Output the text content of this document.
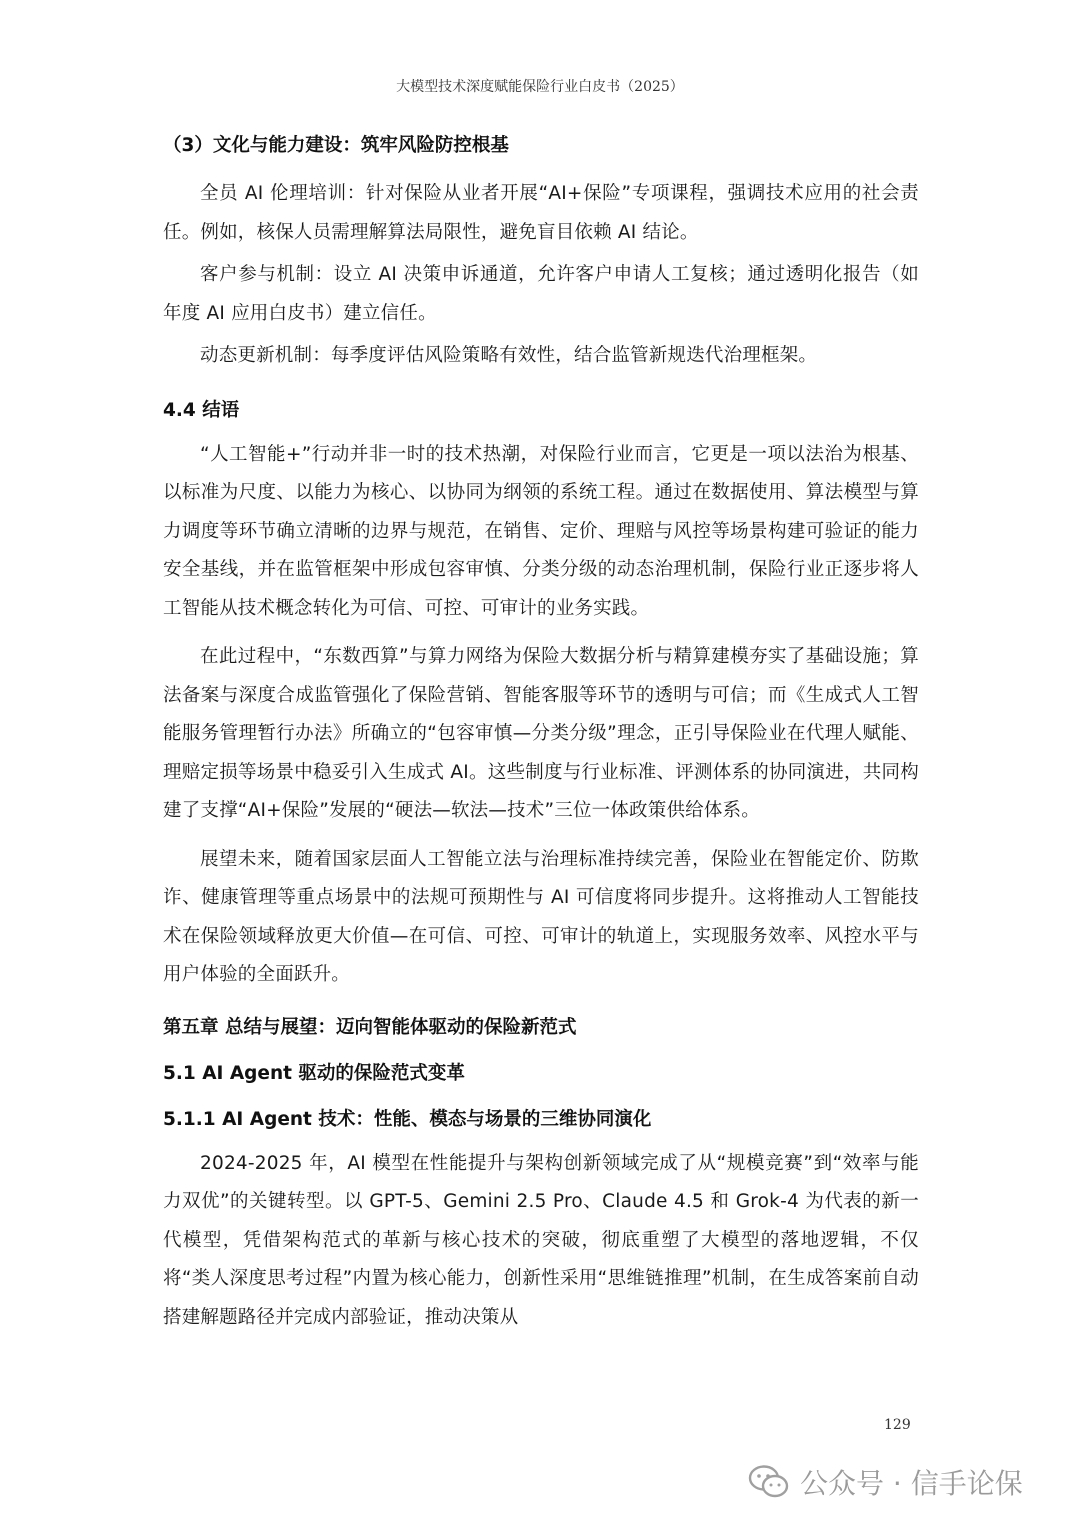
大模型技术深度赋能保险行业白皮书（2025）
（3）文化与能力建设：筑牢风险防控根基

全员 AI 伦理培训：针对保险从业者开展“AI+保险”专项课程，强调技术应用的社会责任。例如，核保人员需理解算法局限性，避免盲目依赖 AI 结论。

客户参与机制：设立 AI 决策申诉通道，允许客户申请人工复核；通过透明化报告（如年度 AI 应用白皮书）建立信任。

动态更新机制：每季度评估风险策略有效性，结合监管新规迭代治理框架。

4.4 结语

“人工智能+”行动并非一时的技术热潮，对保险行业而言，它更是一项以法治为根基、以标准为尺度、以能力为核心、以协同为纲领的系统工程。通过在数据使用、算法模型与算力调度等环节确立清晰的边界与规范，在销售、定价、理赔与风控等场景构建可验证的能力安全基线，并在监管框架中形成包容审慎、分类分级的动态治理机制，保险行业正逐步将人工智能从技术概念转化为可信、可控、可审计的业务实践。

在此过程中，“东数西算”与算力网络为保险大数据分析与精算建模夯实了基础设施；算法备案与深度合成监管强化了保险营销、智能客服等环节的透明与可信；而《生成式人工智能服务管理暂行办法》所确立的“包容审慎—分类分级”理念，正引导保险业在代理人赋能、理赔定损等场景中稳妥引入生成式 AI。这些制度与行业标准、评测体系的协同演进，共同构建了支撑“AI+保险”发展的“硬法—软法—技术”三位一体政策供给体系。

展望未来，随着国家层面人工智能立法与治理标准持续完善，保险业在智能定价、防欺诈、健康管理等重点场景中的法规可预期性与 AI 可信度将同步提升。这将推动人工智能技术在保险领域释放更大价值—在可信、可控、可审计的轨道上，实现服务效率、风控水平与用户体验的全面跃升。

第五章 总结与展望：迈向智能体驱动的保险新范式
5.1 AI Agent 驱动的保险范式变革
5.1.1 AI Agent 技术：性能、模态与场景的三维协同演化

2024-2025 年，AI 模型在性能提升与架构创新领域完成了从“规模竞赛”到“效率与能力双优”的关键转型。以 GPT-5、Gemini 2.5 Pro、Claude 4.5 和 Grok-4 为代表的新一代模型，凭借架构范式的革新与核心技术的突破，彻底重塑了大模型的落地逻辑，不仅将“类人深度思考过程”内置为核心能力，创新性采用“思维链推理”机制，在生成答案前自动搭建解题路径并完成内部验证，推动决策从

129
公众号 · 信手论保
